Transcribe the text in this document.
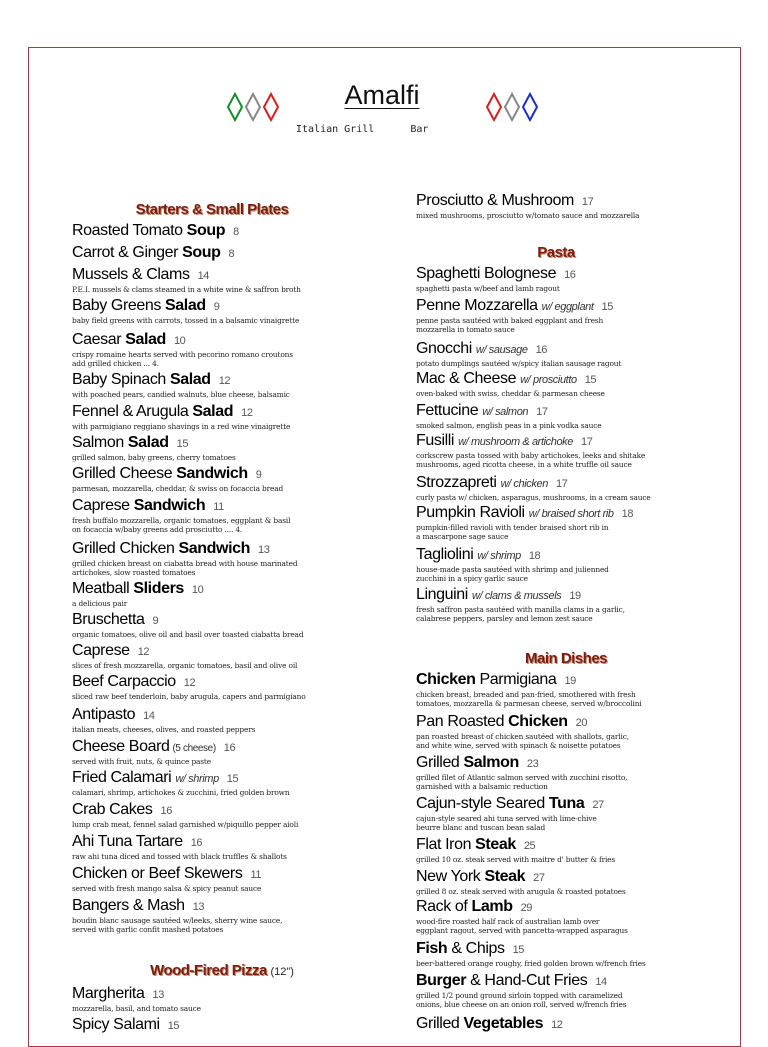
Amalfi
Italian Grill      Bar
Starters & Small Plates
Roasted Tomato Soup 8
Carrot & Ginger Soup 8
Mussels & Clams 14
P.E.I. mussels & clams steamed in a white wine & saffron broth
Baby Greens Salad 9
baby field greens with carrots, tossed in a balsamic vinaigrette
Caesar Salad 10
crispy romaine hearts served with pecorino romano croutons
add grilled chicken ... 4.
Baby Spinach Salad 12
with poached pears, candied walnuts, blue cheese, balsamic
Fennel & Arugula Salad 12
with parmigiano reggiano shavings in a red wine vinaigrette
Salmon Salad 15
grilled salmon, baby greens, cherry tomatoes
Grilled Cheese Sandwich 9
parmesan, mozzarella, cheddar, & swiss on focaccia bread
Caprese Sandwich 11
fresh buffalo mozzarella, organic tomatoes, eggplant & basil
on focaccia w/baby greens add prosciutto .... 4.
Grilled Chicken Sandwich 13
grilled chicken breast on ciabatta bread with house marinated
artichokes, slow roasted tomatoes
Meatball Sliders 10
a delicious pair
Bruschetta 9
organic tomatoes, olive oil and basil over toasted ciabatta bread
Caprese 12
slices of fresh mozzarella, organic tomatoes, basil and olive oil
Beef Carpaccio 12
sliced raw beef tenderloin, baby arugula, capers and parmigiano
Antipasto 14
italian meats, cheeses, olives, and roasted peppers
Cheese Board (5 cheese) 16
served with fruit, nuts, & quince paste
Fried Calamari w/ shrimp 15
calamari, shrimp, artichokes & zucchini, fried golden brown
Crab Cakes 16
lump crab meat, fennel salad garnished w/piquillo pepper aioli
Ahi Tuna Tartare 16
raw ahi tuna diced and tossed with black truffles & shallots
Chicken or Beef Skewers 11
served with fresh mango salsa & spicy peanut sauce
Bangers & Mash 13
boudin blanc sausage sautéed w/leeks, sherry wine sauce,
served with garlic confit mashed potatoes
Wood-Fired Pizza (12")
Margherita 13
mozzarella, basil, and tomato sauce
Spicy Salami 15
Prosciutto & Mushroom 17
mixed mushrooms, prosciutto w/tomato sauce and mozzarella
Pasta
Spaghetti Bolognese 16
spaghetti pasta w/beef and lamb ragout
Penne Mozzarella w/ eggplant 15
penne pasta sautéed with baked eggplant and fresh
mozzarella in tomato sauce
Gnocchi w/ sausage 16
potato dumplings sautéed w/spicy italian sausage ragout
Mac & Cheese w/ prosciutto 15
oven-baked with swiss, cheddar & parmesan cheese
Fettucine w/ salmon 17
smoked salmon, english peas in a pink vodka sauce
Fusilli w/ mushroom & artichoke 17
corkscrew pasta tossed with baby artichokes, leeks and shitake
mushrooms, aged ricotta cheese, in a white truffle oil sauce
Strozzapreti w/ chicken 17
curly pasta w/ chicken, asparagus, mushrooms, in a cream sauce
Pumpkin Ravioli w/ braised short rib 18
pumpkin-filled ravioli with tender braised short rib in
a mascarpone sage sauce
Tagliolini w/ shrimp 18
house-made pasta sautéed with shrimp and julienned
zucchini in a spicy garlic sauce
Linguini w/ clams & mussels 19
fresh saffron pasta sautéed with manilla clams in a garlic,
calabrese peppers, parsley and lemon zest sauce
Main Dishes
Chicken Parmigiana 19
chicken breast, breaded and pan-fried, smothered with fresh
tomatoes, mozzarella & parmesan cheese, served w/broccolini
Pan Roasted Chicken 20
pan roasted breast of chicken sautéed with shallots, garlic,
and white wine, served with spinach & noisette potatoes
Grilled Salmon 23
grilled filet of Atlantic salmon served with zucchini risotto,
garnished with a balsamic reduction
Cajun-style Seared Tuna 27
cajun-style seared ahi tuna served with lime-chive
beurre blanc and tuscan bean salad
Flat Iron Steak 25
grilled 10 oz. steak served with maitre d' butter & fries
New York Steak 27
grilled 8 oz. steak served with arugula & roasted potatoes
Rack of Lamb 29
wood-fire roasted half rack of australian lamb over
eggplant ragout, served with pancetta-wrapped asparagus
Fish & Chips 15
beer-battered orange roughy, fried golden brown w/french fries
Burger & Hand-Cut Fries 14
grilled 1/2 pound ground sirloin topped with caramelized
onions, blue cheese on an onion roll, served w/french fries
Grilled Vegetables 12
